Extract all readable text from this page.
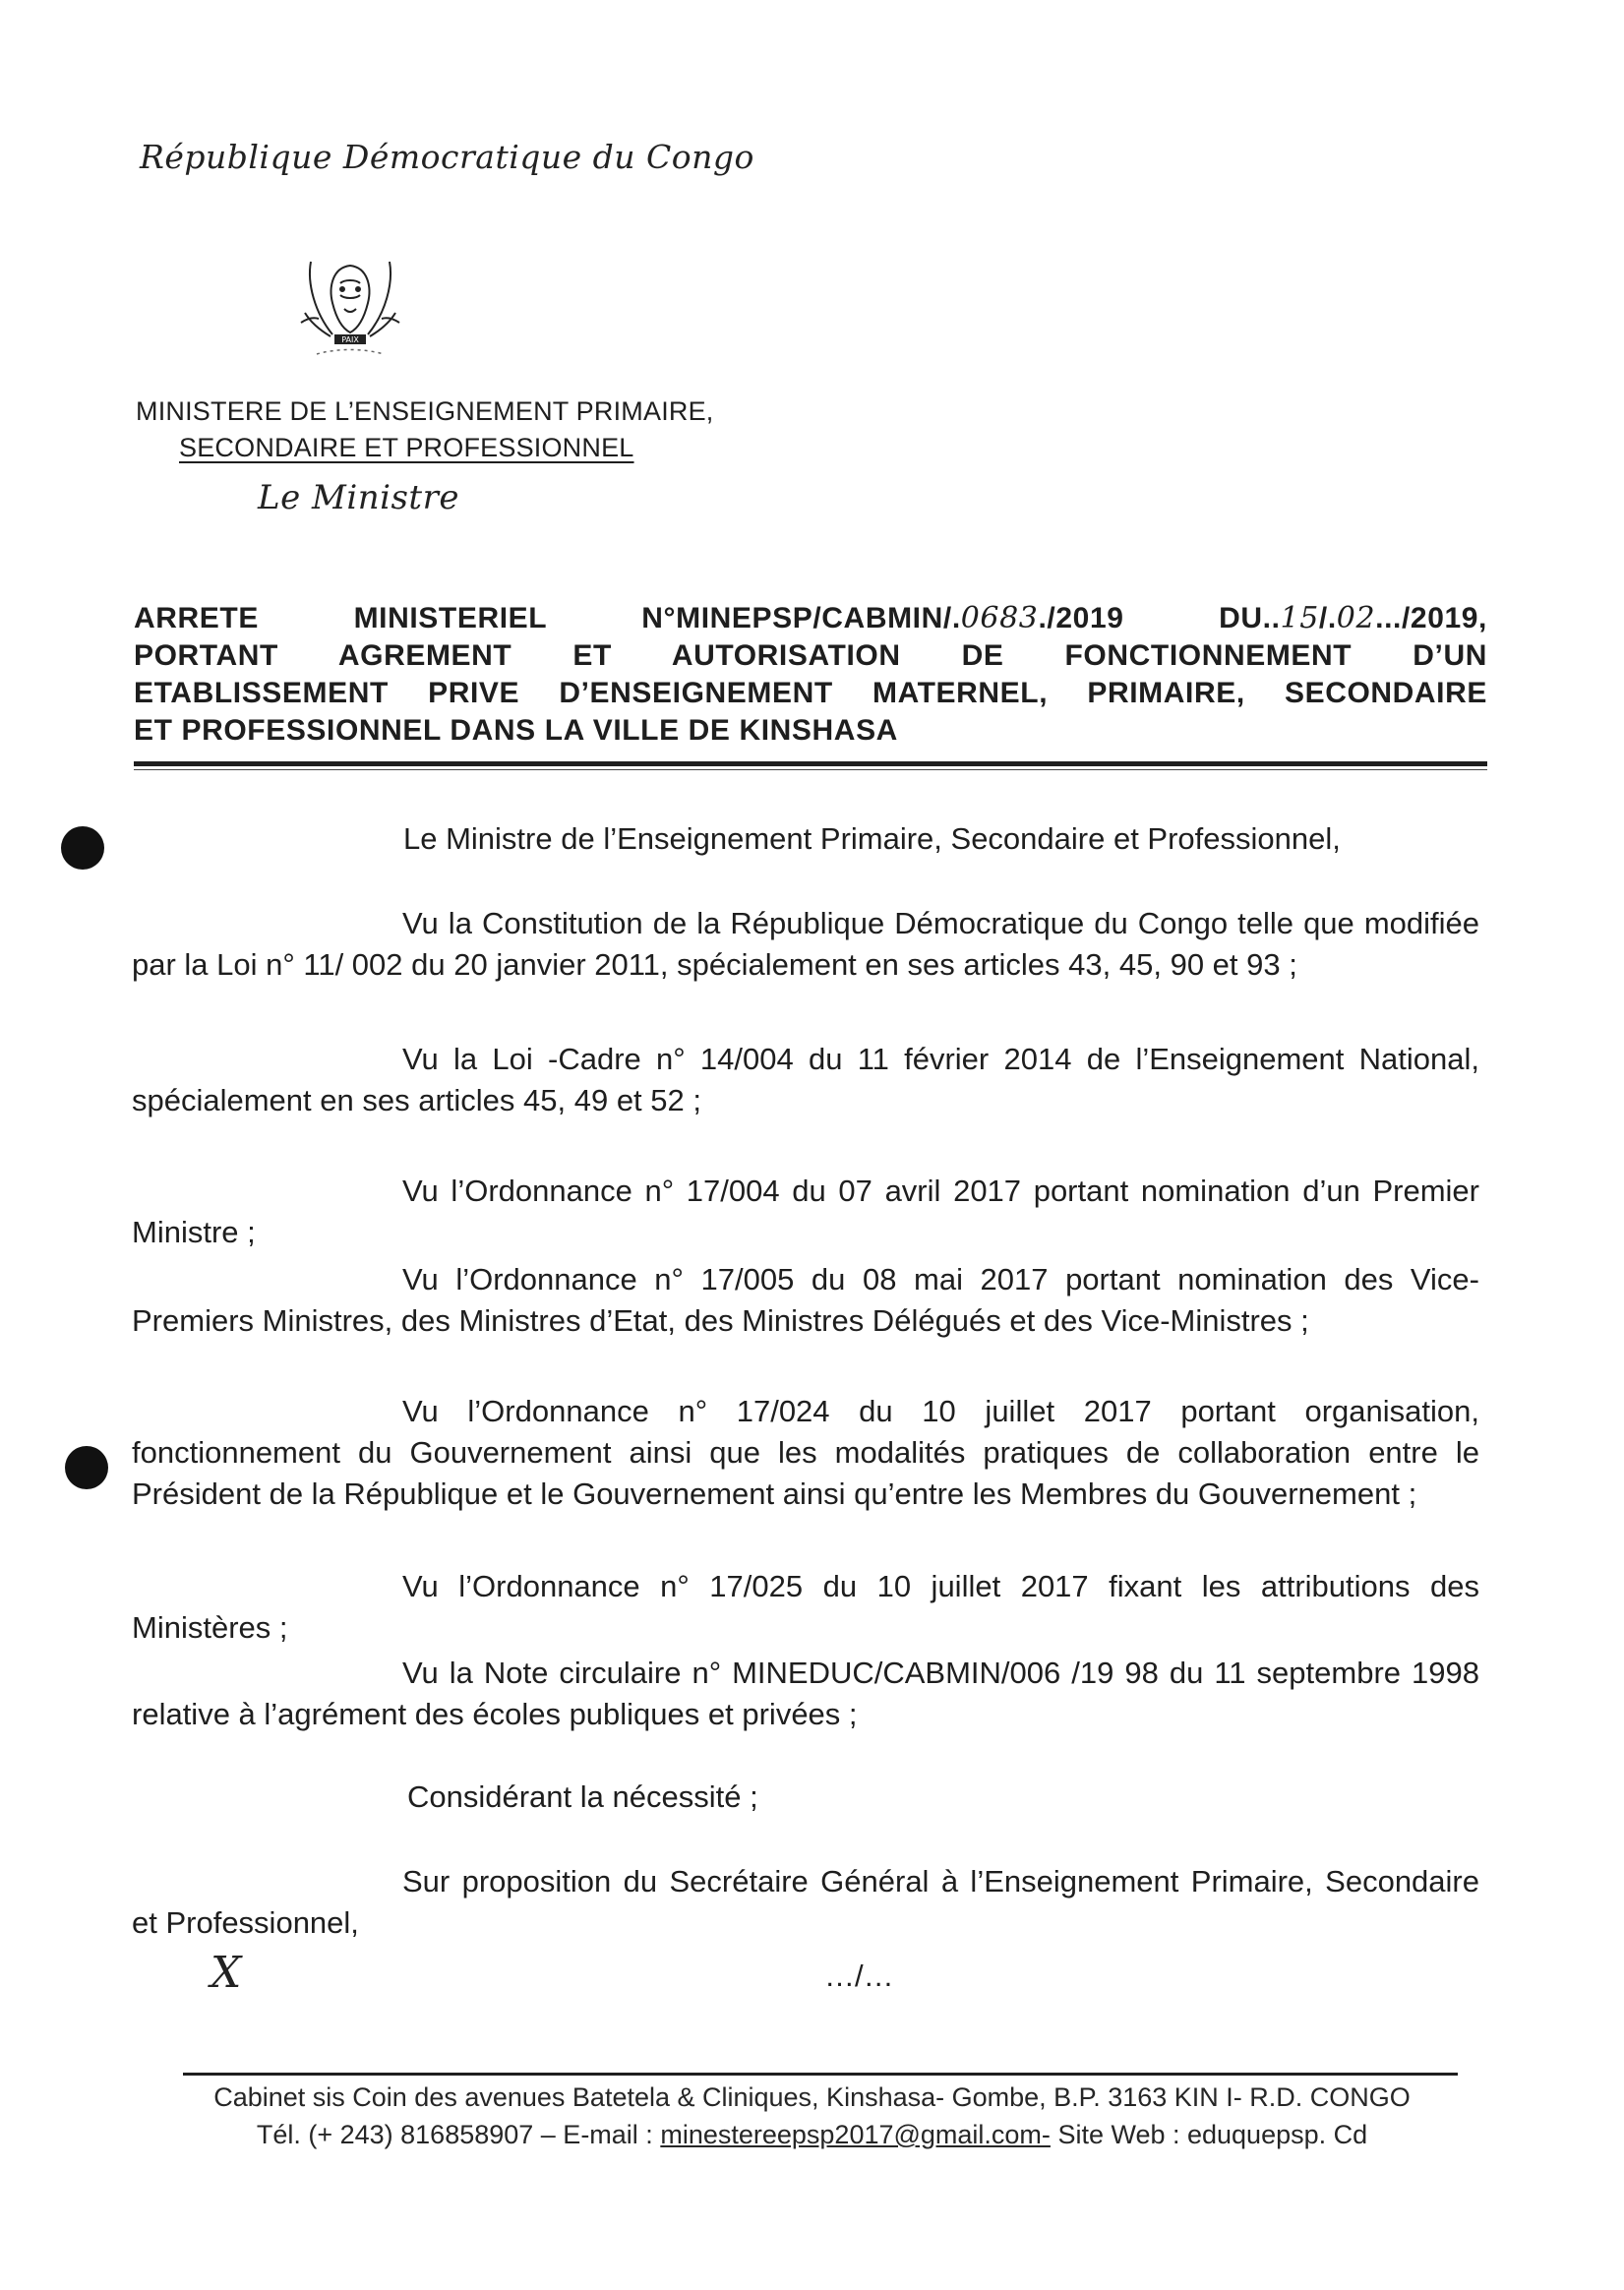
République Démocratique du Congo
PAIX
MINISTERE DE L’ENSEIGNEMENT PRIMAIRE,
SECONDAIRE ET PROFESSIONNEL
Le Ministre

ARRETE MINISTERIEL N°MINEPSP/CABMIN/.0683./2019 DU..15/.02.../2019,

PORTANT AGREMENT ET AUTORISATION DE FONCTIONNEMENT D’UN

ETABLISSEMENT PRIVE D’ENSEIGNEMENT MATERNEL, PRIMAIRE, SECONDAIRE

ET PROFESSIONNEL DANS LA VILLE DE KINSHASA

Le Ministre de l’Enseignement Primaire, Secondaire et Professionnel,

Vu la Constitution de la République Démocratique du Congo telle que modifiée par la Loi n° 11/ 002 du 20 janvier 2011, spécialement en ses articles 43, 45, 90 et 93 ;

Vu la Loi -Cadre n° 14/004 du 11 février 2014 de l’Enseignement National, spécialement en ses articles 45, 49 et 52 ;

Vu l’Ordonnance n° 17/004 du 07 avril 2017 portant nomination d’un Premier Ministre ;

Vu l’Ordonnance n° 17/005 du 08 mai 2017 portant nomination des Vice-Premiers Ministres, des Ministres d’Etat, des Ministres Délégués et des Vice-Ministres ;

Vu l’Ordonnance n° 17/024 du 10 juillet 2017 portant organisation, fonctionnement du Gouvernement ainsi que les modalités pratiques de collaboration entre le Président de la République et le Gouvernement ainsi qu’entre les Membres du Gouvernement ;

Vu l’Ordonnance n° 17/025 du 10 juillet 2017 fixant les attributions des Ministères ;

Vu la Note circulaire n° MINEDUC/CABMIN/006 /19 98 du 11 septembre 1998 relative à l’agrément des écoles publiques et privées ;

Considérant la nécessité ;

Sur proposition du Secrétaire Général à l’Enseignement Primaire, Secondaire et Professionnel,

X	…/…
Cabinet sis Coin des avenues Batetela & Cliniques, Kinshasa- Gombe, B.P. 3163 KIN I- R.D. CONGO
Tél. (+ 243) 816858907 – E-mail : minestereepsp2017@gmail.com- Site Web : eduquepsp. Cd
